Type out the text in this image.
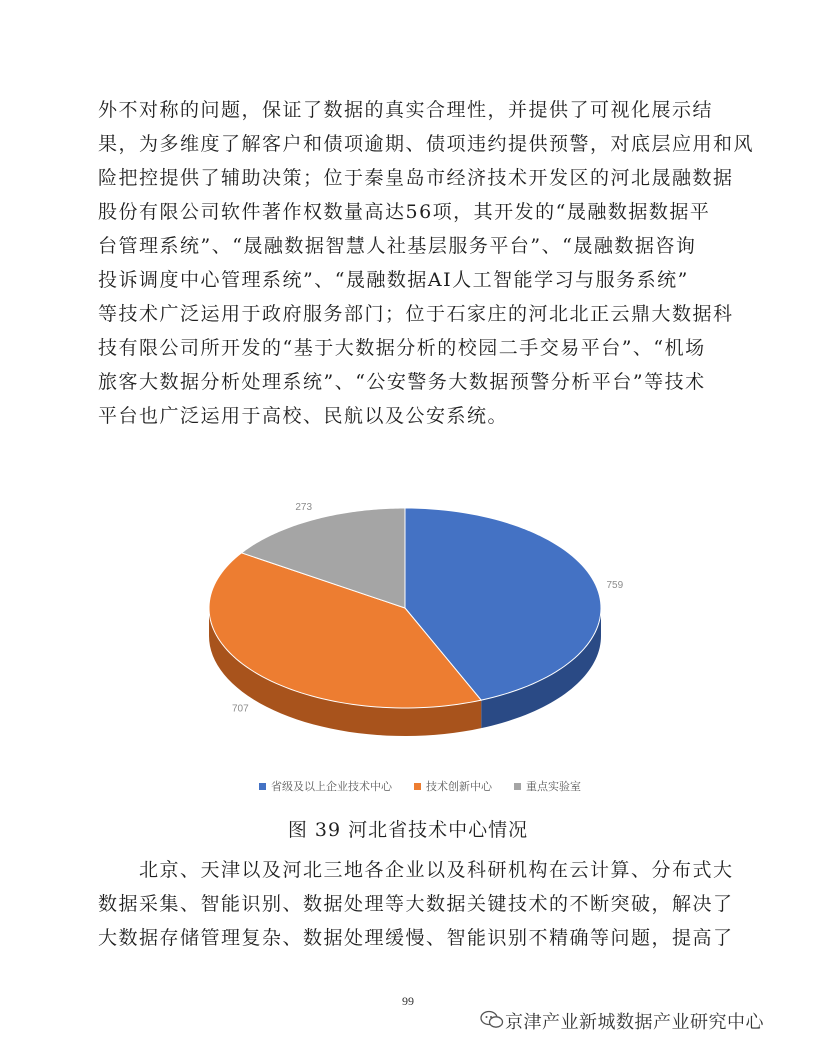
外不对称的问题，保证了数据的真实合理性，并提供了可视化展示结
果，为多维度了解客户和债项逾期、债项违约提供预警，对底层应用和风
险把控提供了辅助决策；位于秦皇岛市经济技术开发区的河北晟融数据
股份有限公司软件著作权数量高达56项，其开发的“晟融数据数据平
台管理系统”、“晟融数据智慧人社基层服务平台”、“晟融数据咨询
投诉调度中心管理系统”、“晟融数据AI人工智能学习与服务系统”
等技术广泛运用于政府服务部门；位于石家庄的河北北正云鼎大数据科
技有限公司所开发的“基于大数据分析的校园二手交易平台”、“机场
旅客大数据分析处理系统”、“公安警务大数据预警分析平台”等技术
平台也广泛运用于高校、民航以及公安系统。
759
707
273
省级及以上企业技术中心	技术创新中心	重点实验室
图 39 河北省技术中心情况
　　北京、天津以及河北三地各企业以及科研机构在云计算、分布式大
数据采集、智能识别、数据处理等大数据关键技术的不断突破，解决了
大数据存储管理复杂、数据处理缓慢、智能识别不精确等问题，提高了
99
京津产业新城数据产业研究中心
